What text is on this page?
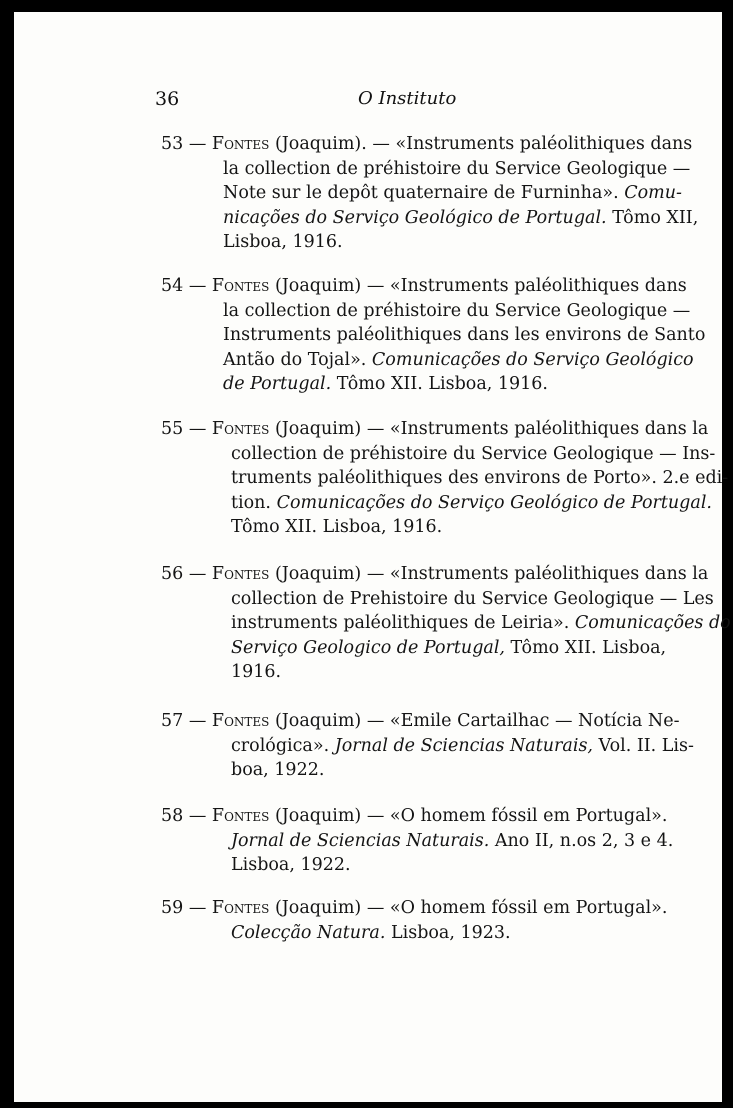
36	O Instituto
53 — Fontes (Joaquim). — «Instruments paléolithiques dans
la collection de préhistoire du Service Geologique —
Note sur le depôt quaternaire de Furninha». Comu-
nicações do Serviço Geológico de Portugal. Tômo XII,
Lisboa, 1916.
54 — Fontes (Joaquim) — «Instruments paléolithiques dans
la collection de préhistoire du Service Geologique —
Instruments paléolithiques dans les environs de Santo
Antão do Tojal». Comunicações do Serviço Geológico
de Portugal. Tômo XII. Lisboa, 1916.
55 — Fontes (Joaquim) — «Instruments paléolithiques dans la
collection de préhistoire du Service Geologique — Ins-
truments paléolithiques des environs de Porto». 2.e edi-
tion. Comunicações do Serviço Geológico de Portugal.
Tômo XII. Lisboa, 1916.
56 — Fontes (Joaquim) — «Instruments paléolithiques dans la
collection de Prehistoire du Service Geologique — Les
instruments paléolithiques de Leiria». Comunicações do
Serviço Geologico de Portugal, Tômo XII. Lisboa,
1916.
57 — Fontes (Joaquim) — «Emile Cartailhac — Notícia Ne-
crológica». Jornal de Sciencias Naturais, Vol. II. Lis-
boa, 1922.
58 — Fontes (Joaquim) — «O homem fóssil em Portugal».
Jornal de Sciencias Naturais. Ano II, n.os 2, 3 e 4.
Lisboa, 1922.
59 — Fontes (Joaquim) — «O homem fóssil em Portugal».
Colecção Natura. Lisboa, 1923.
